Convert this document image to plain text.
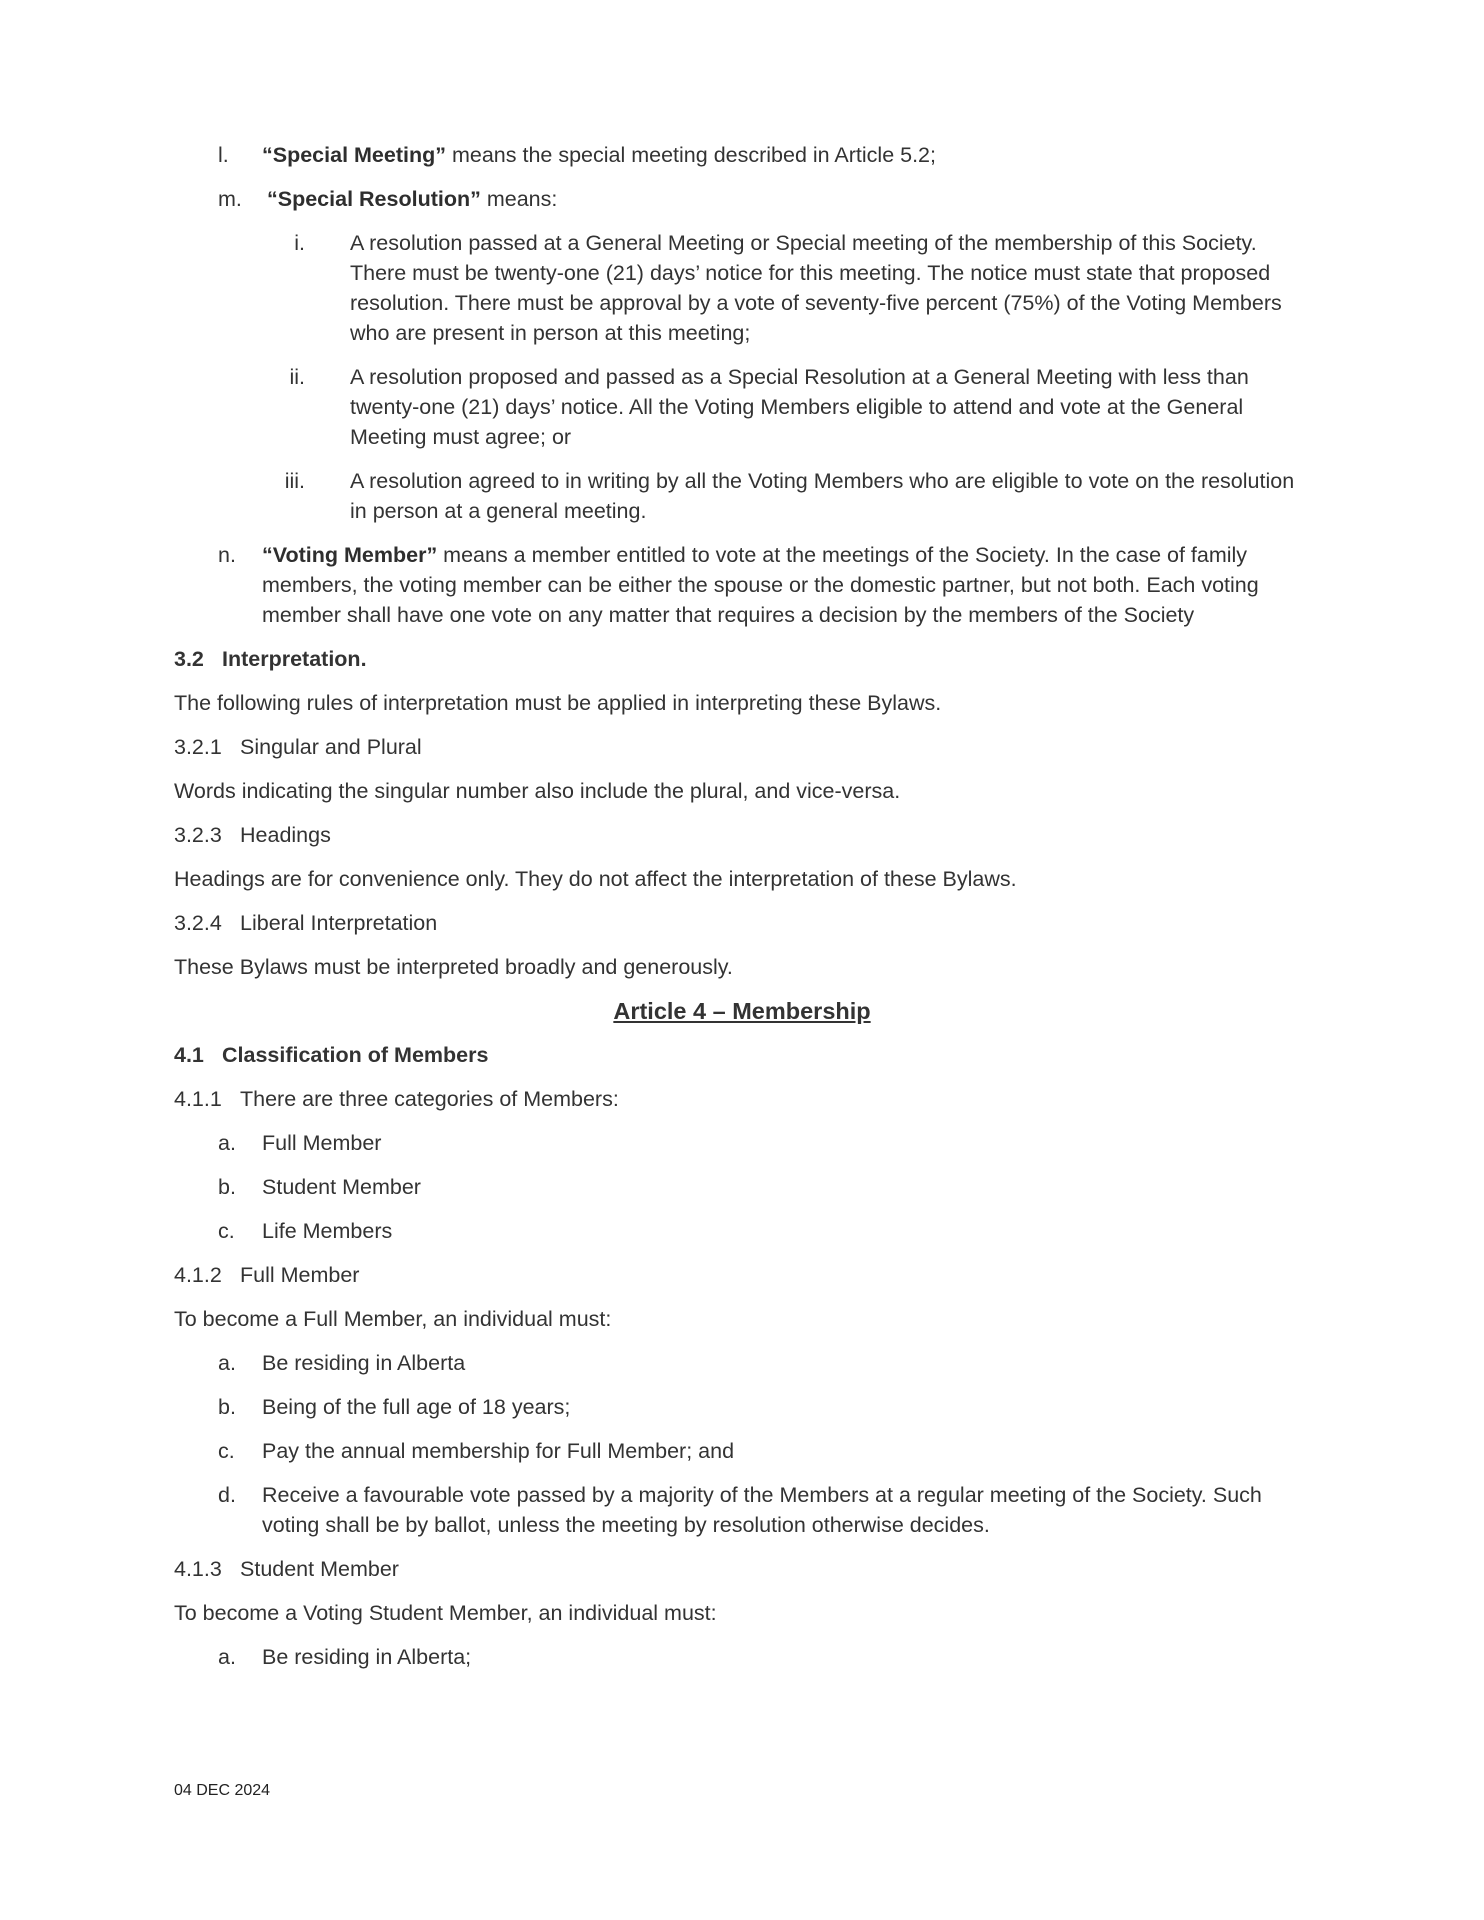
l.	“Special Meeting” means the special meeting described in Article 5.2;
m.	“Special Resolution” means:
i.	A resolution passed at a General Meeting or Special meeting of the membership of this Society. There must be twenty-one (21) days’ notice for this meeting. The notice must state that proposed resolution. There must be approval by a vote of seventy-five percent (75%) of the Voting Members who are present in person at this meeting;
ii.	A resolution proposed and passed as a Special Resolution at a General Meeting with less than twenty-one (21) days’ notice. All the Voting Members eligible to attend and vote at the General Meeting must agree; or
iii.	A resolution agreed to in writing by all the Voting Members who are eligible to vote on the resolution in person at a general meeting.
n.	“Voting Member” means a member entitled to vote at the meetings of the Society. In the case of family members, the voting member can be either the spouse or the domestic partner, but not both. Each voting member shall have one vote on any matter that requires a decision by the members of the Society
3.2 Interpretation.
The following rules of interpretation must be applied in interpreting these Bylaws.
3.2.1 Singular and Plural
Words indicating the singular number also include the plural, and vice-versa.
3.2.3 Headings
Headings are for convenience only. They do not affect the interpretation of these Bylaws.
3.2.4 Liberal Interpretation
These Bylaws must be interpreted broadly and generously.
Article 4 – Membership
4.1 Classification of Members
4.1.1 There are three categories of Members:
a.	Full Member
b.	Student Member
c.	Life Members
4.1.2 Full Member
To become a Full Member, an individual must:
a.	Be residing in Alberta
b.	Being of the full age of 18 years;
c.	Pay the annual membership for Full Member; and
d.	Receive a favourable vote passed by a majority of the Members at a regular meeting of the Society. Such voting shall be by ballot, unless the meeting by resolution otherwise decides.
4.1.3 Student Member
To become a Voting Student Member, an individual must:
a.	Be residing in Alberta;
04 DEC 2024
